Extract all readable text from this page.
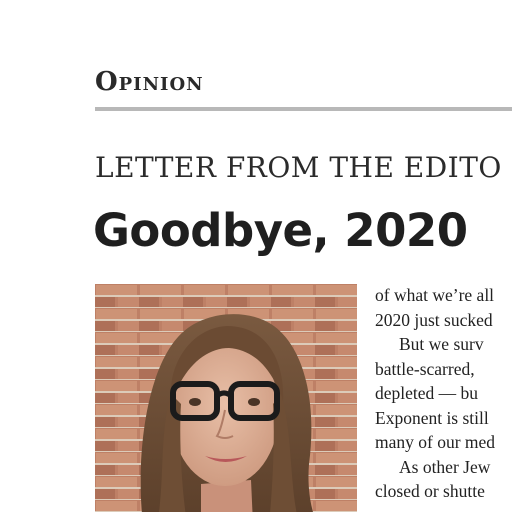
Opinion
LETTER FROM THE EDITO
Goodbye, 2020
of what we’re all
2020 just sucked
But we surv
battle-scarred,
depleted — bu
Exponent is still
many of our med
As other Jew
closed or shutte
